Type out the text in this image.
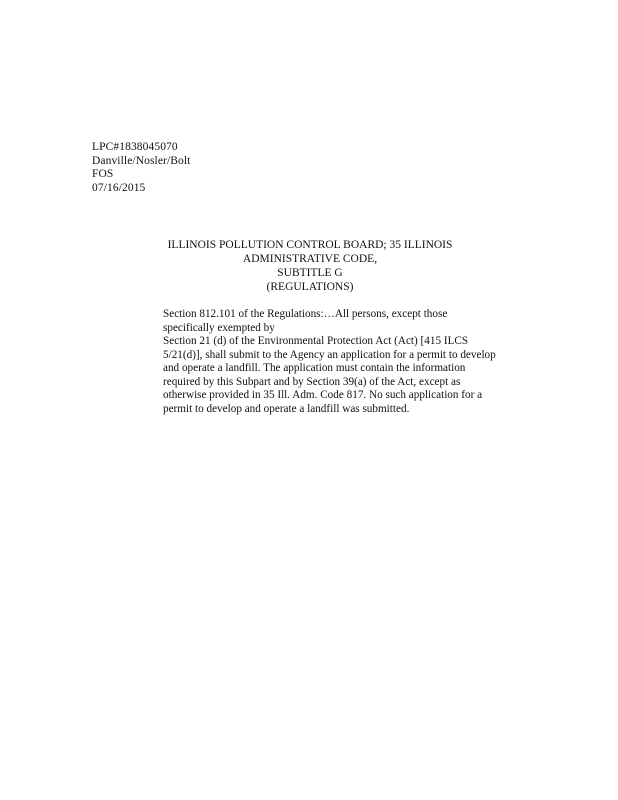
LPC#1838045070
Danville/Nosler/Bolt
FOS
07/16/2015
ILLINOIS POLLUTION CONTROL BOARD; 35 ILLINOIS
ADMINISTRATIVE CODE,
SUBTITLE G
(REGULATIONS)
Section 812.101 of the Regulations:…All persons, except those
specifically exempted by
Section 21 (d) of the Environmental Protection Act (Act) [415 ILCS
5/21(d)], shall submit to the Agency an application for a permit to develop
and operate a landfill. The application must contain the information
required by this Subpart and by Section 39(a) of the Act, except as
otherwise provided in 35 Ill. Adm. Code 817. No such application for a
permit to develop and operate a landfill was submitted.
